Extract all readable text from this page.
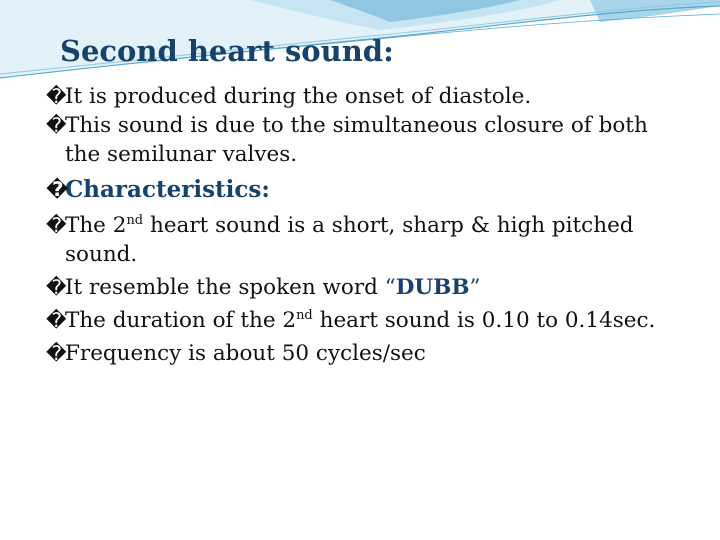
Second heart sound:
�
It is produced during the onset of diastole.
�
This sound is due to the simultaneous closure of both
the semilunar valves.
�
Characteristics:
�
The 2nd heart sound is a short, sharp & high pitched
sound.
�
It resemble the spoken word “DUBB”
�
The duration of the 2nd heart sound is 0.10 to 0.14sec.
�
Frequency is about 50 cycles/sec
